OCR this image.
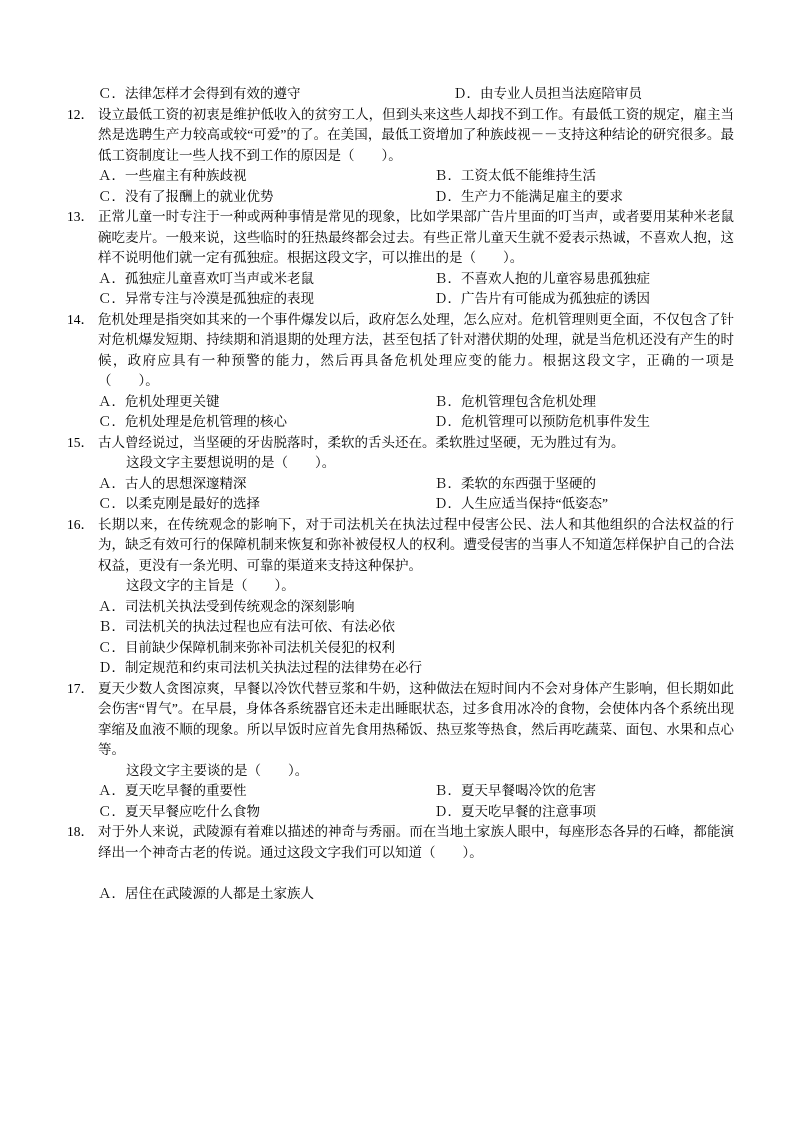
Ｃ．法律怎样才会得到有效的遵守	Ｄ．由专业人员担当法庭陪审员
12． 设立最低工资的初衷是维护低收入的贫穷工人，但到头来这些人却找不到工作。有最低工资的规定，雇主当然是选聘生产力较高或较“可爱”的了。在美国，最低工资增加了种族歧视－－支持这种结论的研究很多。最低工资制度让一些人找不到工作的原因是（　　）。
Ａ．一些雇主有种族歧视	Ｂ．工资太低不能维持生活
Ｃ．没有了报酬上的就业优势	Ｄ．生产力不能满足雇主的要求
13． 正常儿童一时专注于一种或两种事情是常见的现象，比如学果部广告片里面的叮当声，或者要用某种米老鼠碗吃麦片。一般来说，这些临时的狂热最终都会过去。有些正常儿童天生就不爱表示热诚，不喜欢人抱，这样不说明他们就一定有孤独症。根据这段文字，可以推出的是（　　）。
Ａ．孤独症儿童喜欢叮当声或米老鼠	Ｂ．不喜欢人抱的儿童容易患孤独症
Ｃ．异常专注与冷漠是孤独症的表现	Ｄ．广告片有可能成为孤独症的诱因
14． 危机处理是指突如其来的一个事件爆发以后，政府怎么处理，怎么应对。危机管理则更全面，不仅包含了针对危机爆发短期、持续期和消退期的处理方法，甚至包括了针对潜伏期的处理，就是当危机还没有产生的时候，政府应具有一种预警的能力，然后再具备危机处理应变的能力。根据这段文字，正确的一项是（　　）。
Ａ．危机处理更关键	Ｂ．危机管理包含危机处理
Ｃ．危机处理是危机管理的核心	Ｄ．危机管理可以预防危机事件发生
15． 古人曾经说过，当坚硬的牙齿脱落时，柔软的舌头还在。柔软胜过坚硬，无为胜过有为。
这段文字主要想说明的是（　　）。
Ａ．古人的思想深邃精深	Ｂ．柔软的东西强于坚硬的
Ｃ．以柔克刚是最好的选择	Ｄ．人生应适当保持“低姿态”
16． 长期以来，在传统观念的影响下，对于司法机关在执法过程中侵害公民、法人和其他组织的合法权益的行为，缺乏有效可行的保障机制来恢复和弥补被侵权人的权利。遭受侵害的当事人不知道怎样保护自己的合法权益，更没有一条光明、可靠的渠道来支持这种保护。
这段文字的主旨是（　　）。
Ａ．司法机关执法受到传统观念的深刻影响
Ｂ．司法机关的执法过程也应有法可依、有法必依
Ｃ．目前缺少保障机制来弥补司法机关侵犯的权利
Ｄ．制定规范和约束司法机关执法过程的法律势在必行
17． 夏天少数人贪图凉爽，早餐以冷饮代替豆浆和牛奶，这种做法在短时间内不会对身体产生影响，但长期如此会伤害“胃气”。在早晨，身体各系统器官还未走出睡眠状态，过多食用冰冷的食物，会使体内各个系统出现挛缩及血液不顺的现象。所以早饭时应首先食用热稀饭、热豆浆等热食，然后再吃蔬菜、面包、水果和点心等。
这段文字主要谈的是（　　）。
Ａ．夏天吃早餐的重要性	Ｂ．夏天早餐喝冷饮的危害
Ｃ．夏天早餐应吃什么食物	Ｄ．夏天吃早餐的注意事项
18． 对于外人来说，武陵源有着难以描述的神奇与秀丽。而在当地土家族人眼中，每座形态各异的石峰，都能演绎出一个神奇古老的传说。通过这段文字我们可以知道（　　）。
Ａ．居住在武陵源的人都是土家族人
